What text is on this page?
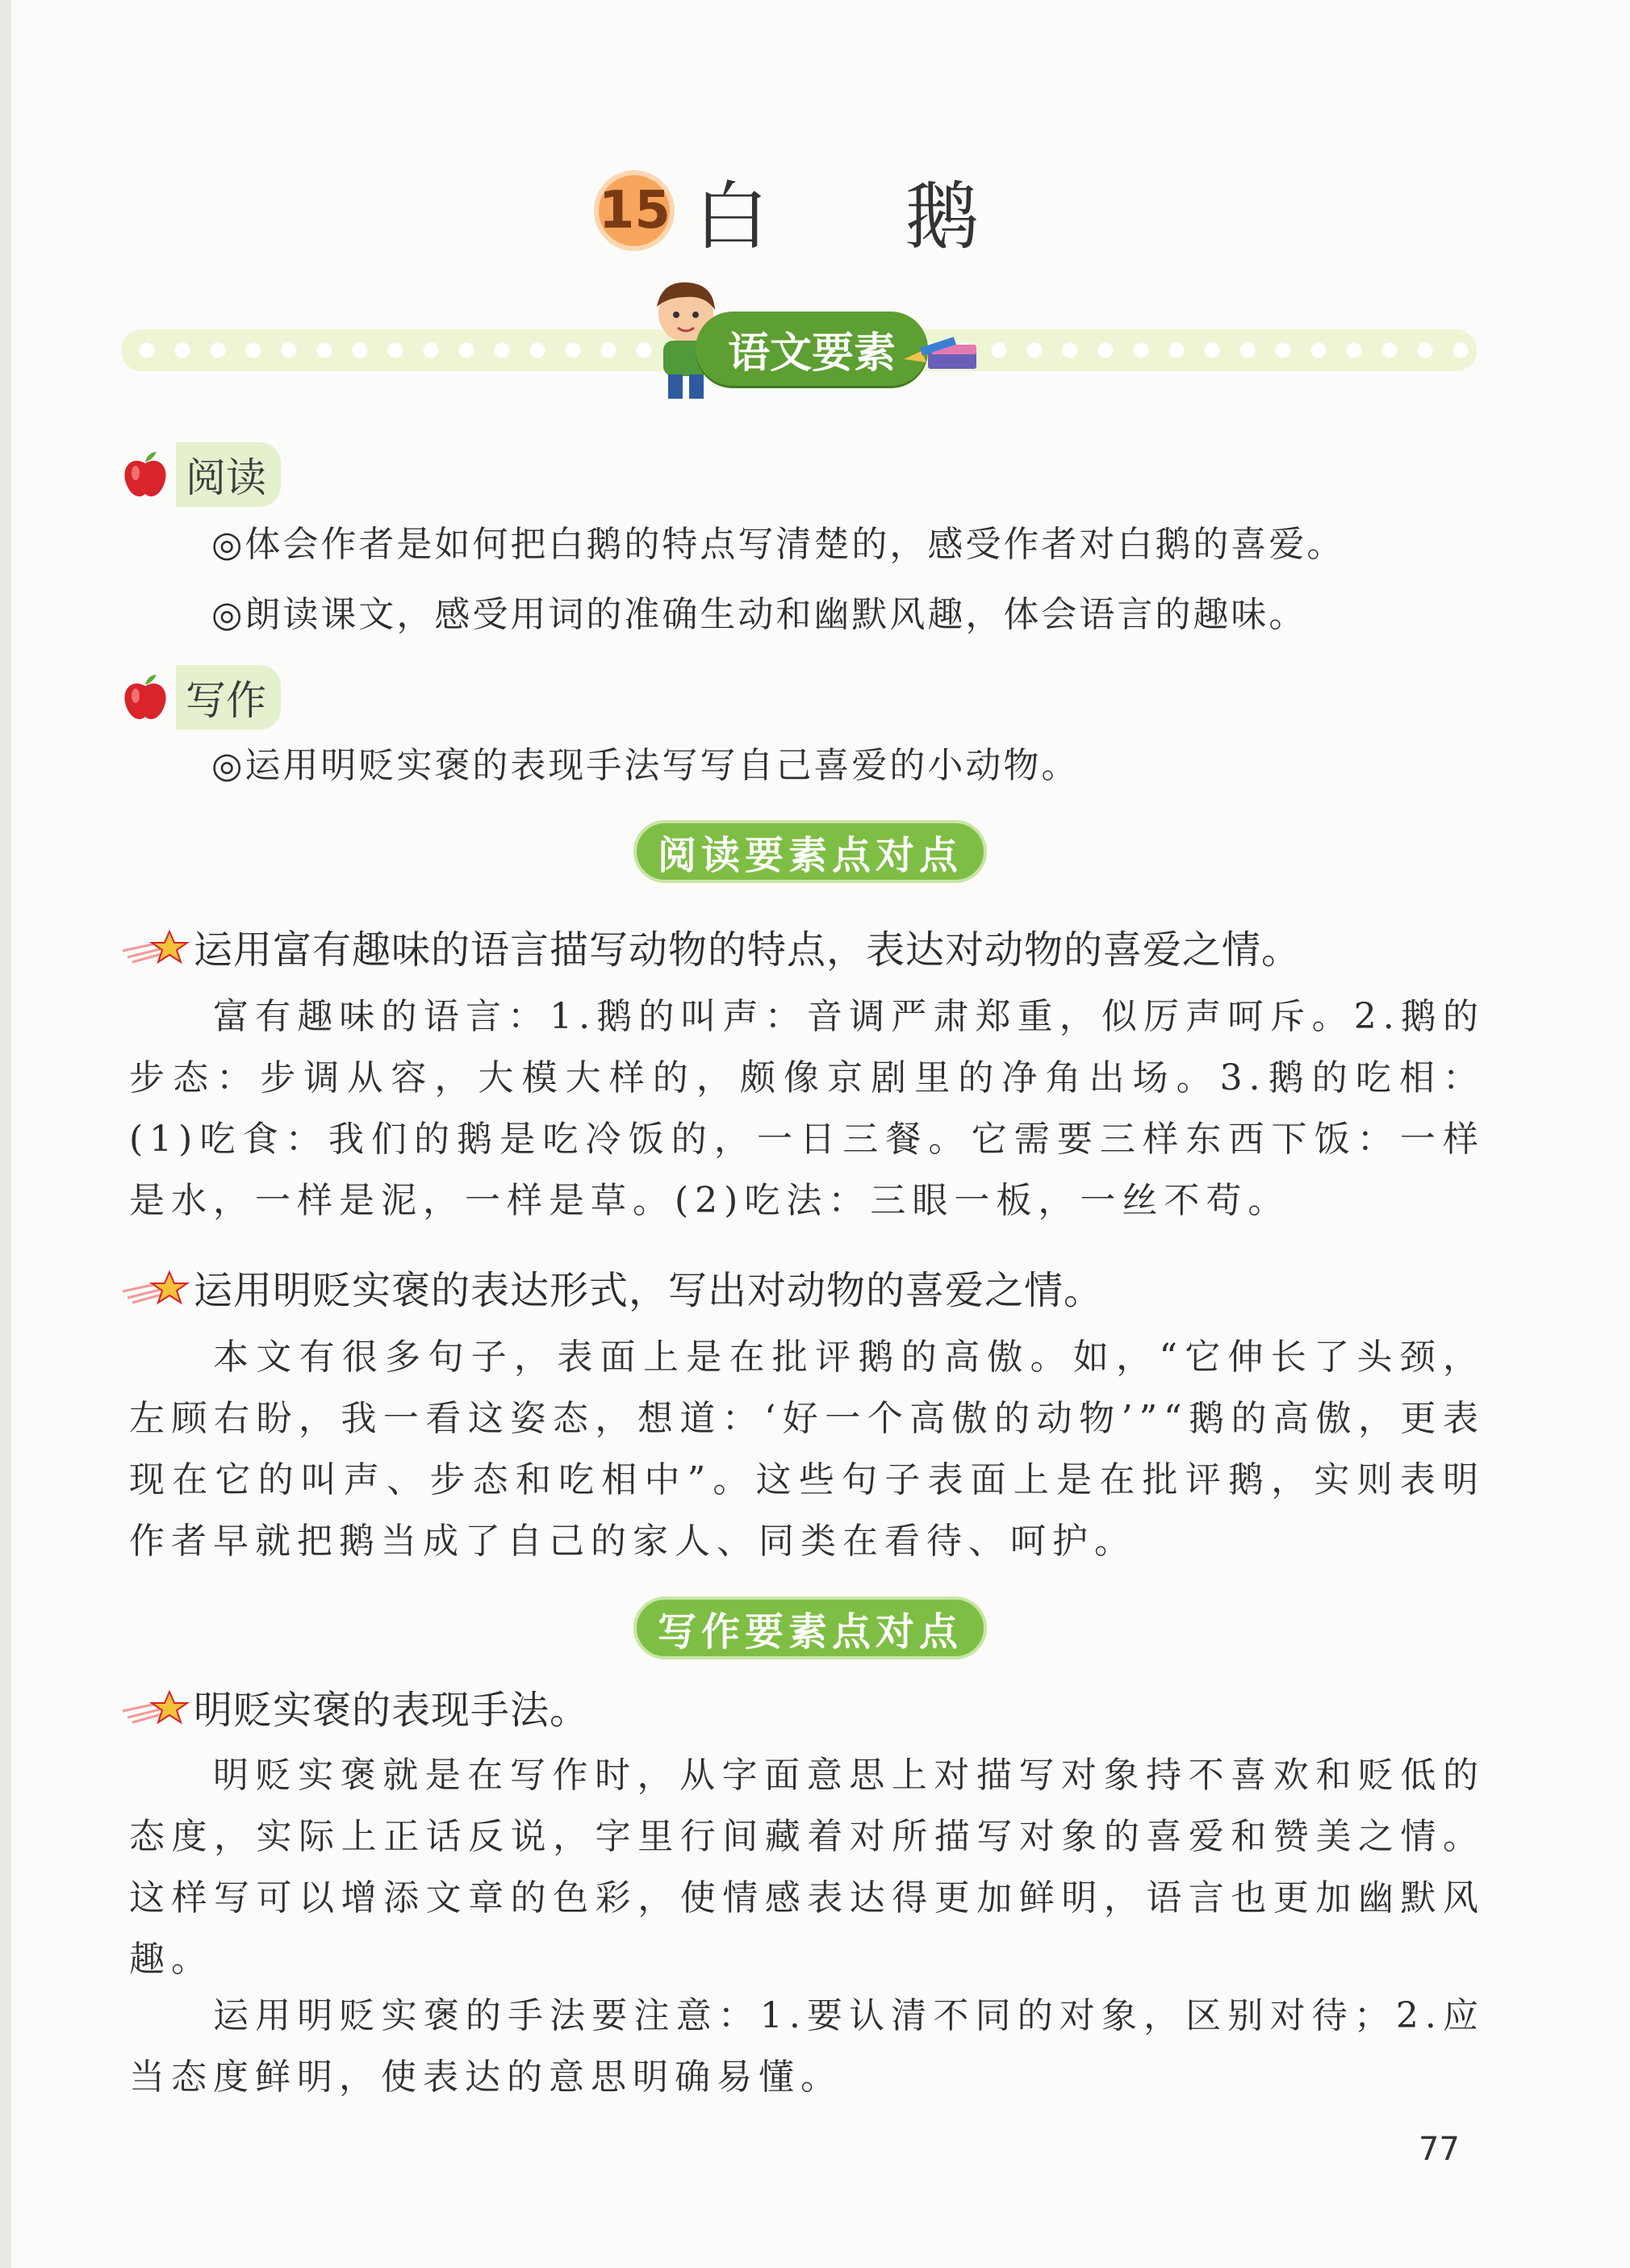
15 白 鹅
语文要素
阅读
◎体会作者是如何把白鹅的特点写清楚的，感受作者对白鹅的喜爱。
◎朗读课文，感受用词的准确生动和幽默风趣，体会语言的趣味。
写作
◎运用明贬实褒的表现手法写写自己喜爱的小动物。
阅读要素点对点
运用富有趣味的语言描写动物的特点，表达对动物的喜爱之情。
富有趣味的语言：1.鹅的叫声：音调严肃郑重，似厉声呵斥。2.鹅的步态：步调从容，大模大样的，颇像京剧里的净角出场。3.鹅的吃相：(1)吃食：我们的鹅是吃冷饭的，一日三餐。它需要三样东西下饭：一样是水，一样是泥，一样是草。(2)吃法：三眼一板，一丝不苟。
运用明贬实褒的表达形式，写出对动物的喜爱之情。
本文有很多句子，表面上是在批评鹅的高傲。如，“它伸长了头颈，左顾右盼，我一看这姿态，想道：‘好一个高傲的动物’”“鹅的高傲，更表现在它的叫声、步态和吃相中”。这些句子表面上是在批评鹅，实则表明作者早就把鹅当成了自己的家人、同类在看待、呵护。
写作要素点对点
明贬实褒的表现手法。
明贬实褒就是在写作时，从字面意思上对描写对象持不喜欢和贬低的态度，实际上正话反说，字里行间藏着对所描写对象的喜爱和赞美之情。这样写可以增添文章的色彩，使情感表达得更加鲜明，语言也更加幽默风趣。
运用明贬实褒的手法要注意：1.要认清不同的对象，区别对待；2.应当态度鲜明，使表达的意思明确易懂。
77
